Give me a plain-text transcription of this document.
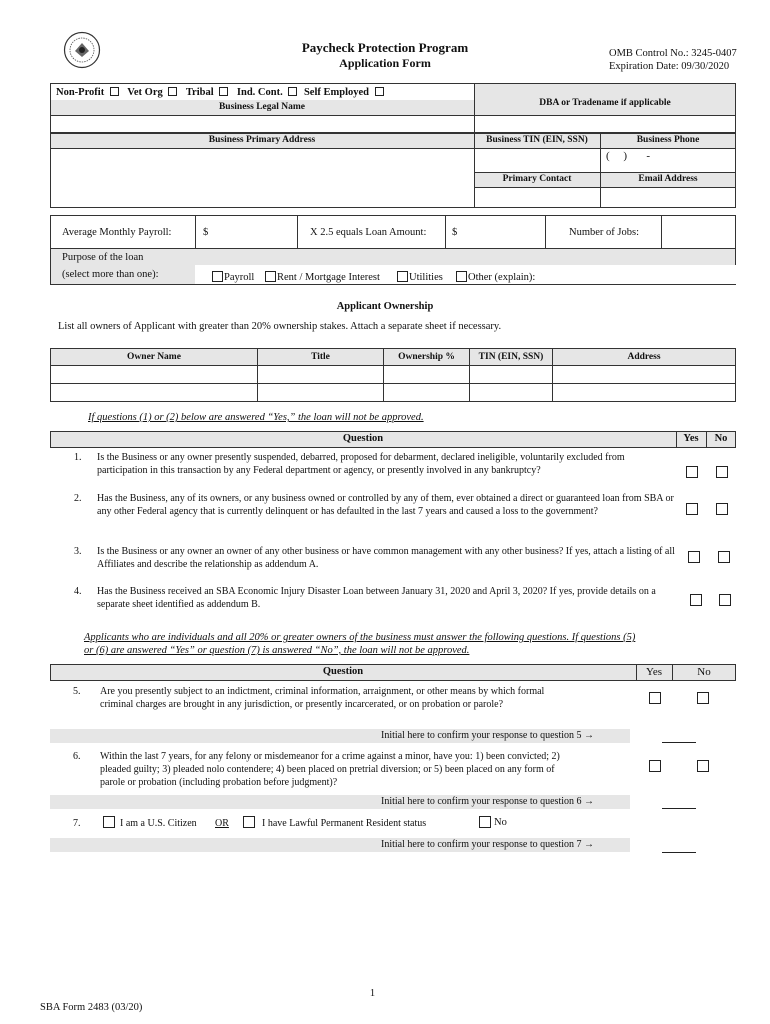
Paycheck Protection Program
Application Form
OMB Control No.: 3245-0407
Expiration Date: 09/30/2020
Non-Profit Vet Org Tribal Ind. Cont. Self Employed
Business Legal Name	DBA or Tradename if applicable
Business Primary Address	Business TIN (EIN, SSN)	Business Phone
(     )       -
Primary Contact	Email Address
Average Monthly Payroll:	$	X 2.5 equals Loan Amount: $	Number of Jobs:
Purpose of the loan
(select more than one):	Payroll Rent / Mortgage Interest	Utilities Other (explain):
Applicant Ownership
List all owners of Applicant with greater than 20% ownership stakes. Attach a separate sheet if necessary.
Owner Name	Title	Ownership %	TIN (EIN, SSN)	Address

If questions (1) or (2) below are answered “Yes,” the loan will not be approved.
Question	Yes	No
1. Is the Business or any owner presently suspended, debarred, proposed for debarment, declared ineligible, voluntarily excluded from participation in this transaction by any Federal department or agency, or presently involved in any bankruptcy?
2. Has the Business, any of its owners, or any business owned or controlled by any of them, ever obtained a direct or guaranteed loan from SBA or any other Federal agency that is currently delinquent or has defaulted in the last 7 years and caused a loss to the government?
3. Is the Business or any owner an owner of any other business or have common management with any other business? If yes, attach a listing of all Affiliates and describe the relationship as addendum A.
4. Has the Business received an SBA Economic Injury Disaster Loan between January 31, 2020 and April 3, 2020? If yes, provide details on a separate sheet identified as addendum B.
Applicants who are individuals and all 20% or greater owners of the business must answer the following questions. If questions (5) or (6) are answered “Yes” or question (7) is answered “No”, the loan will not be approved.
Question	Yes	No
5. Are you presently subject to an indictment, criminal information, arraignment, or other means by which formal criminal charges are brought in any jurisdiction, or presently incarcerated, or on probation or parole?
Initial here to confirm your response to question 5 →
6. Within the last 7 years, for any felony or misdemeanor for a crime against a minor, have you: 1) been convicted; 2) pleaded guilty; 3) pleaded nolo contendere; 4) been placed on pretrial diversion; or 5) been placed on any form of parole or probation (including probation before judgment)?
Initial here to confirm your response to question 6 →
7.	I am a U.S. Citizen OR	I have Lawful Permanent Resident status	No
Initial here to confirm your response to question 7 →
1
SBA Form 2483 (03/20)
